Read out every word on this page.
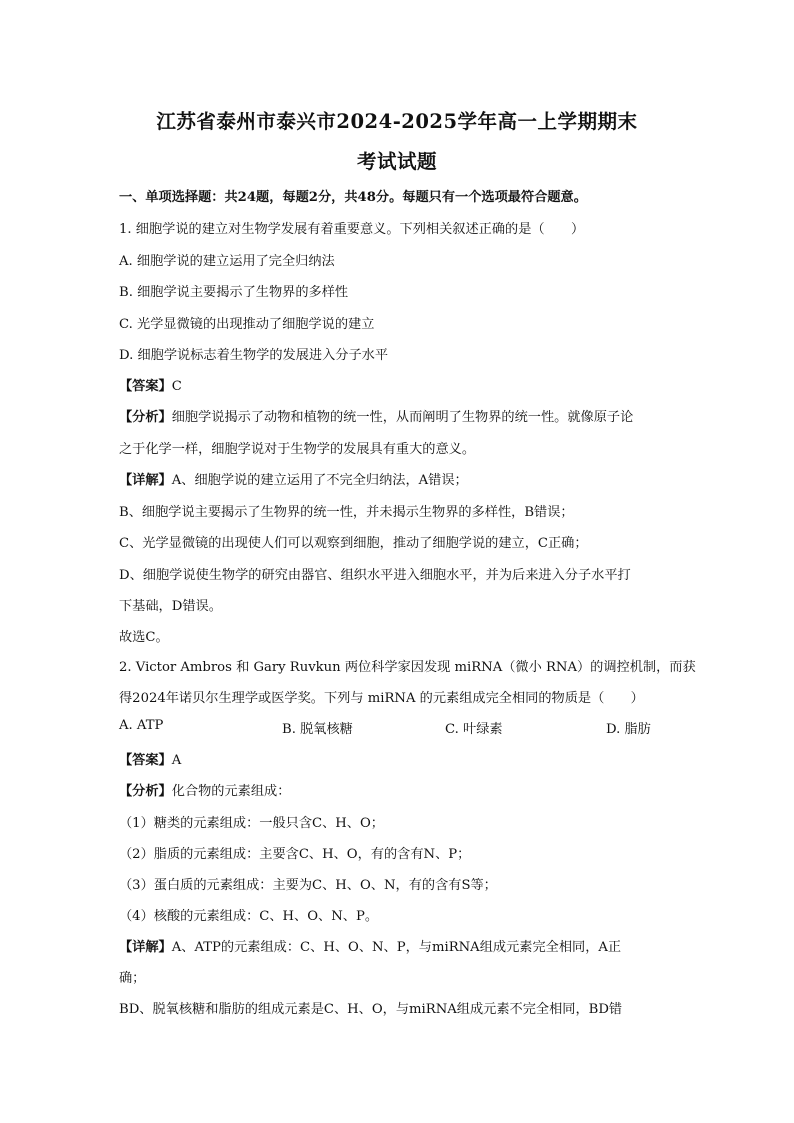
江苏省泰州市泰兴市2024-2025学年高一上学期期末
考试试题
一、单项选择题：共24题，每题2分，共48分。每题只有一个选项最符合题意。
1. 细胞学说的建立对生物学发展有着重要意义。下列相关叙述正确的是（　　）
A. 细胞学说的建立运用了完全归纳法
B. 细胞学说主要揭示了生物界的多样性
C. 光学显微镜的出现推动了细胞学说的建立
D. 细胞学说标志着生物学的发展进入分子水平
【答案】C
【分析】细胞学说揭示了动物和植物的统一性，从而阐明了生物界的统一性。就像原子论
之于化学一样，细胞学说对于生物学的发展具有重大的意义。
【详解】A、细胞学说的建立运用了不完全归纳法，A错误；
B、细胞学说主要揭示了生物界的统一性，并未揭示生物界的多样性，B错误；
C、光学显微镜的出现使人们可以观察到细胞，推动了细胞学说的建立，C正确；
D、细胞学说使生物学的研究由器官、组织水平进入细胞水平，并为后来进入分子水平打
下基础，D错误。
故选C。
2. Victor Ambros 和 Gary Ruvkun 两位科学家因发现 miRNA（微小 RNA）的调控机制，而获
得2024年诺贝尔生理学或医学奖。下列与 miRNA 的元素组成完全相同的物质是（　　）
A. ATP	B. 脱氧核糖	C. 叶绿素	D. 脂肪
【答案】A
【分析】化合物的元素组成：
（1）糖类的元素组成：一般只含C、H、O；
（2）脂质的元素组成：主要含C、H、O，有的含有N、P；
（3）蛋白质的元素组成：主要为C、H、O、N，有的含有S等；
（4）核酸的元素组成：C、H、O、N、P。
【详解】A、ATP的元素组成：C、H、O、N、P，与miRNA组成元素完全相同，A正
确；
BD、脱氧核糖和脂肪的组成元素是C、H、O，与miRNA组成元素不完全相同，BD错
